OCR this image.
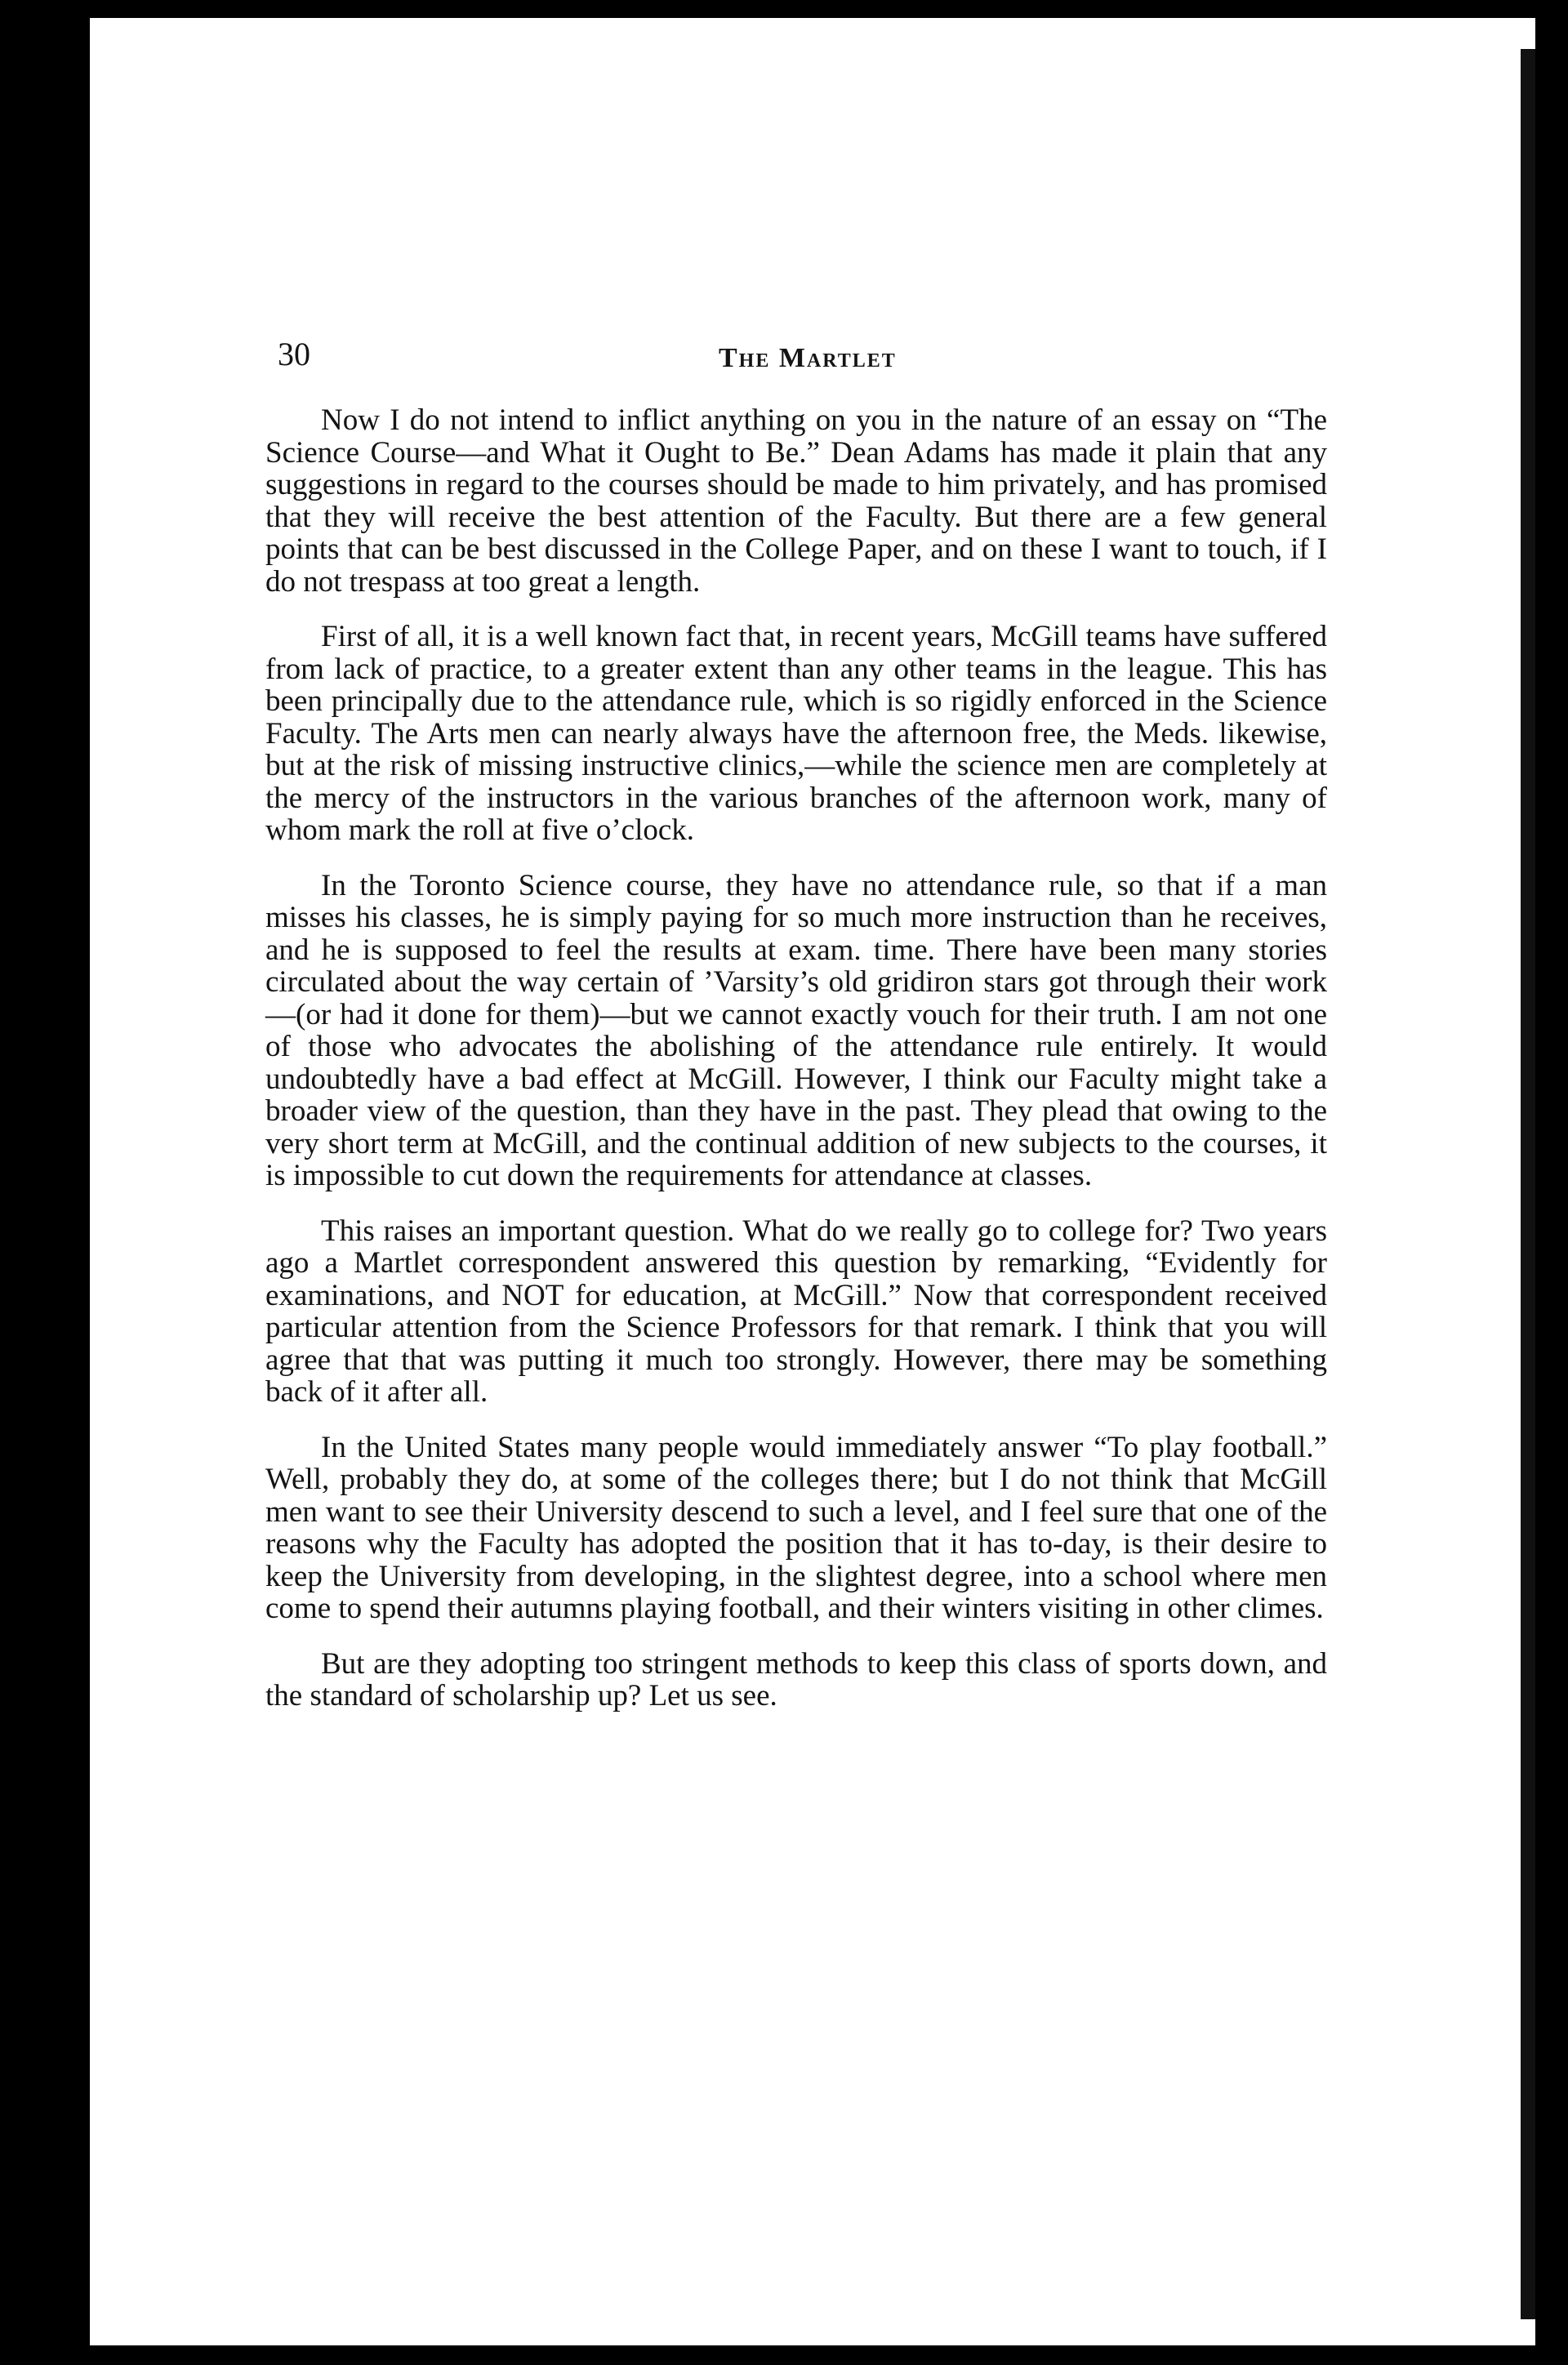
30	The Martlet

Now I do not intend to inflict anything on you in the nature of an essay on “The Science Course—and What it Ought to Be.” Dean Adams has made it plain that any suggestions in regard to the courses should be made to him privately, and has promised that they will receive the best attention of the Faculty. But there are a few general points that can be best discussed in the College Paper, and on these I want to touch, if I do not trespass at too great a length.

First of all, it is a well known fact that, in recent years, McGill teams have suffered from lack of practice, to a greater extent than any other teams in the league. This has been principally due to the attendance rule, which is so rigidly enforced in the Science Faculty. The Arts men can nearly always have the afternoon free, the Meds. likewise, but at the risk of missing instructive clinics,—while the science men are completely at the mercy of the instructors in the various branches of the afternoon work, many of whom mark the roll at five o’clock.

In the Toronto Science course, they have no attendance rule, so that if a man misses his classes, he is simply paying for so much more instruction than he receives, and he is supposed to feel the results at exam. time. There have been many stories circulated about the way certain of ’Varsity’s old gridiron stars got through their work—(or had it done for them)—but we cannot exactly vouch for their truth. I am not one of those who advocates the abolishing of the attendance rule entirely. It would undoubtedly have a bad effect at McGill. However, I think our Faculty might take a broader view of the question, than they have in the past. They plead that owing to the very short term at McGill, and the continual addition of new subjects to the courses, it is impossible to cut down the requirements for attendance at classes.

This raises an important question. What do we really go to college for? Two years ago a Martlet correspondent answered this question by remarking, “Evidently for examinations, and NOT for education, at McGill.” Now that correspondent received particular attention from the Science Professors for that remark. I think that you will agree that that was putting it much too strongly. However, there may be something back of it after all.

In the United States many people would immediately answer “To play football.” Well, probably they do, at some of the colleges there; but I do not think that McGill men want to see their University descend to such a level, and I feel sure that one of the reasons why the Faculty has adopted the position that it has to-day, is their desire to keep the University from developing, in the slightest degree, into a school where men come to spend their autumns playing football, and their winters visiting in other climes.

But are they adopting too stringent methods to keep this class of sports down, and the standard of scholarship up? Let us see.
